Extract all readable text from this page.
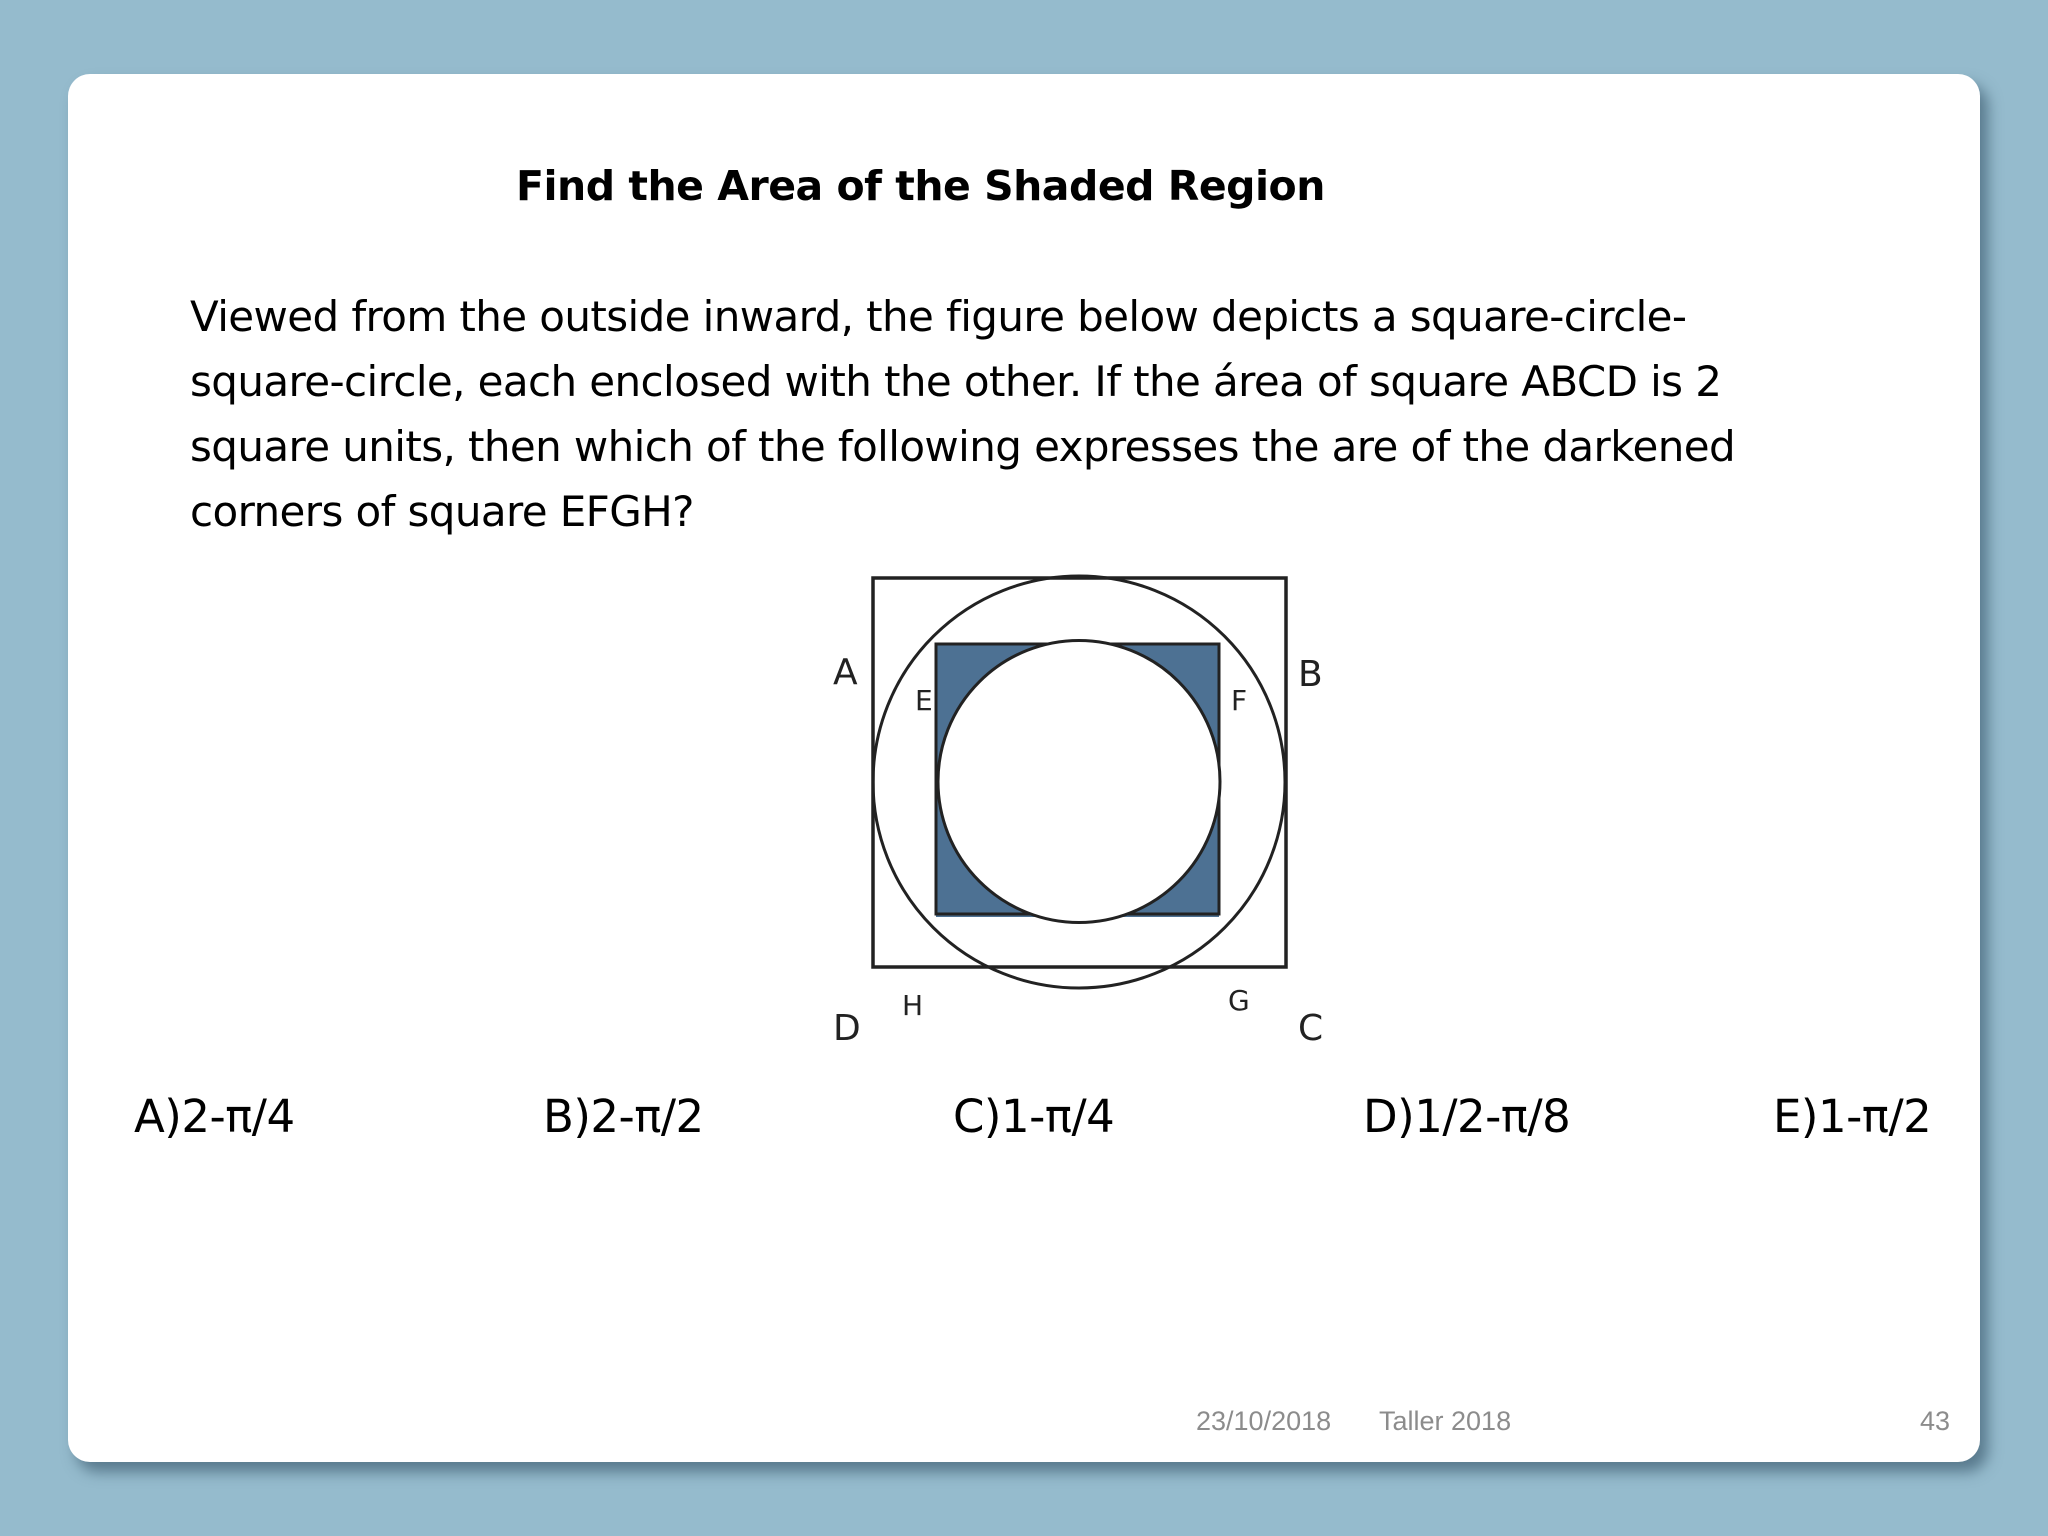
Find the Area of the Shaded Region
Viewed from the outside inward, the figure below depicts a square-circle-
square-circle, each enclosed with the other. If the área of square ABCD is 2
square units, then which of the following expresses the are of the darkened
corners of square EFGH?
A	B
C
D
E	F
G
H
A)2-π/4	B)2-π/2	C)1-π/4	D)1/2-π/8	E)1-π/2
23/10/2018 Taller 2018	43
